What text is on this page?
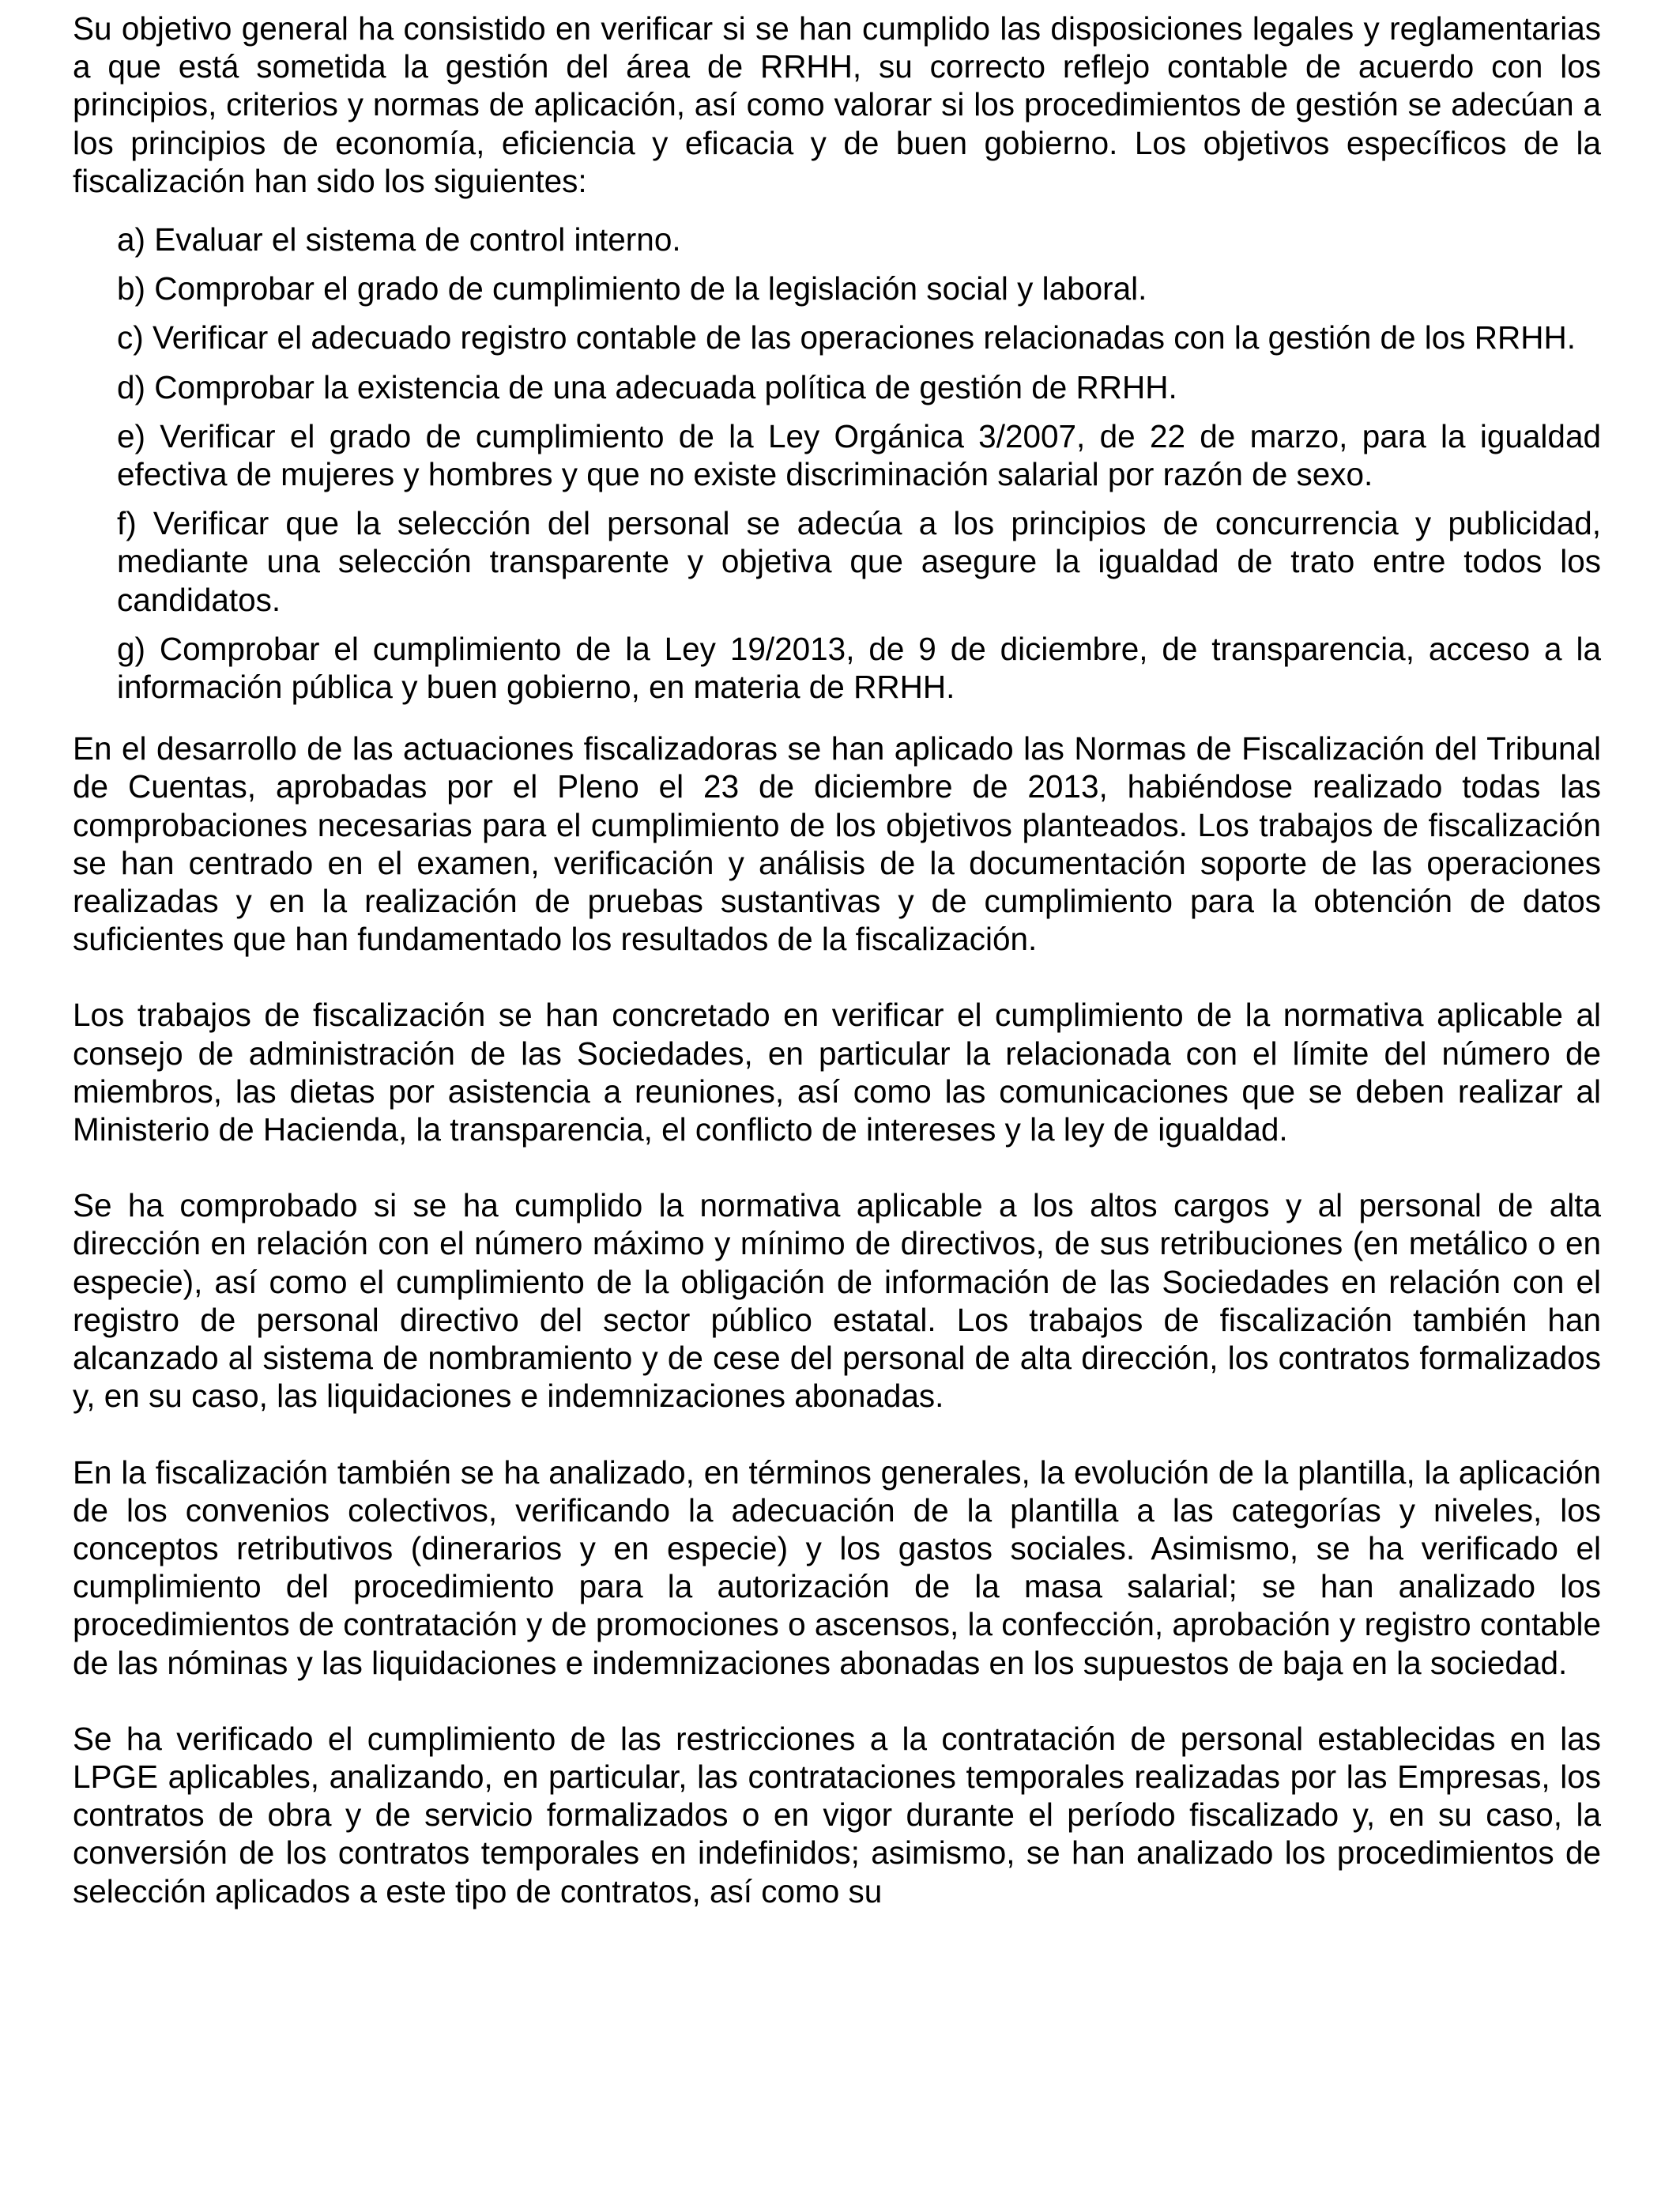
Su objetivo general ha consistido en verificar si se han cumplido las disposiciones legales y reglamentarias a que está sometida la gestión del área de RRHH, su correcto reflejo contable de acuerdo con los principios, criterios y normas de aplicación, así como valorar si los procedimientos de gestión se adecúan a los principios de economía, eficiencia y eficacia y de buen gobierno. Los objetivos específicos de la fiscalización han sido los siguientes:

a) Evaluar el sistema de control interno.
b) Comprobar el grado de cumplimiento de la legislación social y laboral.
c) Verificar el adecuado registro contable de las operaciones relacionadas con la gestión de los RRHH.
d) Comprobar la existencia de una adecuada política de gestión de RRHH.
e) Verificar el grado de cumplimiento de la Ley Orgánica 3/2007, de 22 de marzo, para la igualdad efectiva de mujeres y hombres y que no existe discriminación salarial por razón de sexo.
f) Verificar que la selección del personal se adecúa a los principios de concurrencia y publicidad, mediante una selección transparente y objetiva que asegure la igualdad de trato entre todos los candidatos.
g) Comprobar el cumplimiento de la Ley 19/2013, de 9 de diciembre, de transparencia, acceso a la información pública y buen gobierno, en materia de RRHH.

En el desarrollo de las actuaciones fiscalizadoras se han aplicado las Normas de Fiscalización del Tribunal de Cuentas, aprobadas por el Pleno el 23 de diciembre de 2013, habiéndose realizado todas las comprobaciones necesarias para el cumplimiento de los objetivos planteados. Los trabajos de fiscalización se han centrado en el examen, verificación y análisis de la documentación soporte de las operaciones realizadas y en la realización de pruebas sustantivas y de cumplimiento para la obtención de datos suficientes que han fundamentado los resultados de la fiscalización.

Los trabajos de fiscalización se han concretado en verificar el cumplimiento de la normativa aplicable al consejo de administración de las Sociedades, en particular la relacionada con el límite del número de miembros, las dietas por asistencia a reuniones, así como las comunicaciones que se deben realizar al Ministerio de Hacienda, la transparencia, el conflicto de intereses y la ley de igualdad.

Se ha comprobado si se ha cumplido la normativa aplicable a los altos cargos y al personal de alta dirección en relación con el número máximo y mínimo de directivos, de sus retribuciones (en metálico o en especie), así como el cumplimiento de la obligación de información de las Sociedades en relación con el registro de personal directivo del sector público estatal. Los trabajos de fiscalización también han alcanzado al sistema de nombramiento y de cese del personal de alta dirección, los contratos formalizados y, en su caso, las liquidaciones e indemnizaciones abonadas.

En la fiscalización también se ha analizado, en términos generales, la evolución de la plantilla, la aplicación de los convenios colectivos, verificando la adecuación de la plantilla a las categorías y niveles, los conceptos retributivos (dinerarios y en especie) y los gastos sociales. Asimismo, se ha verificado el cumplimiento del procedimiento para la autorización de la masa salarial; se han analizado los procedimientos de contratación y de promociones o ascensos, la confección, aprobación y registro contable de las nóminas y las liquidaciones e indemnizaciones abonadas en los supuestos de baja en la sociedad.

Se ha verificado el cumplimiento de las restricciones a la contratación de personal establecidas en las LPGE aplicables, analizando, en particular, las contrataciones temporales realizadas por las Empresas, los contratos de obra y de servicio formalizados o en vigor durante el período fiscalizado y, en su caso, la conversión de los contratos temporales en indefinidos; asimismo, se han analizado los procedimientos de selección aplicados a este tipo de contratos, así como su
